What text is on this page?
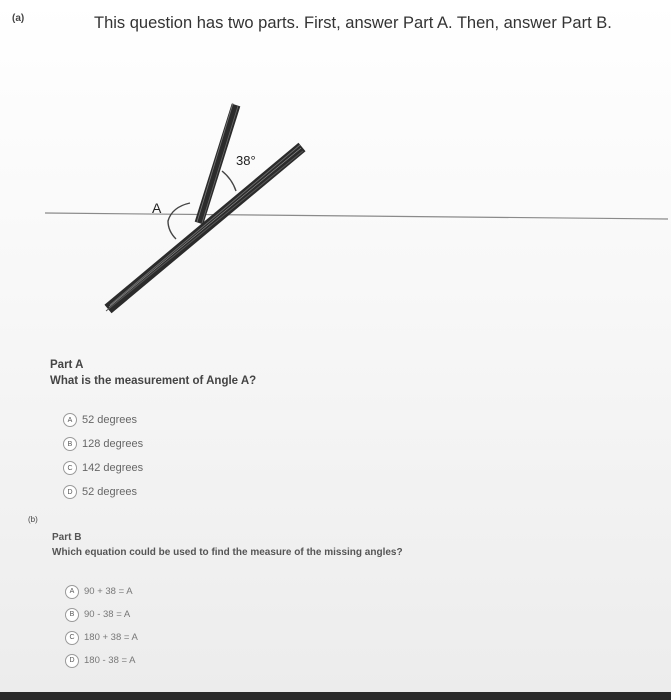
(a)	This question has two parts. First, answer Part A. Then, answer Part B.
38°
A
Part A
What is the measurement of Angle A?
A 52 degrees
B 128 degrees
C 142 degrees
D 52 degrees
(b)
Part B
Which equation could be used to find the measure of the missing angles?
A	90 + 38 = A
B	90 - 38 = A
C 180 + 38 = A
D 180 - 38 = A
